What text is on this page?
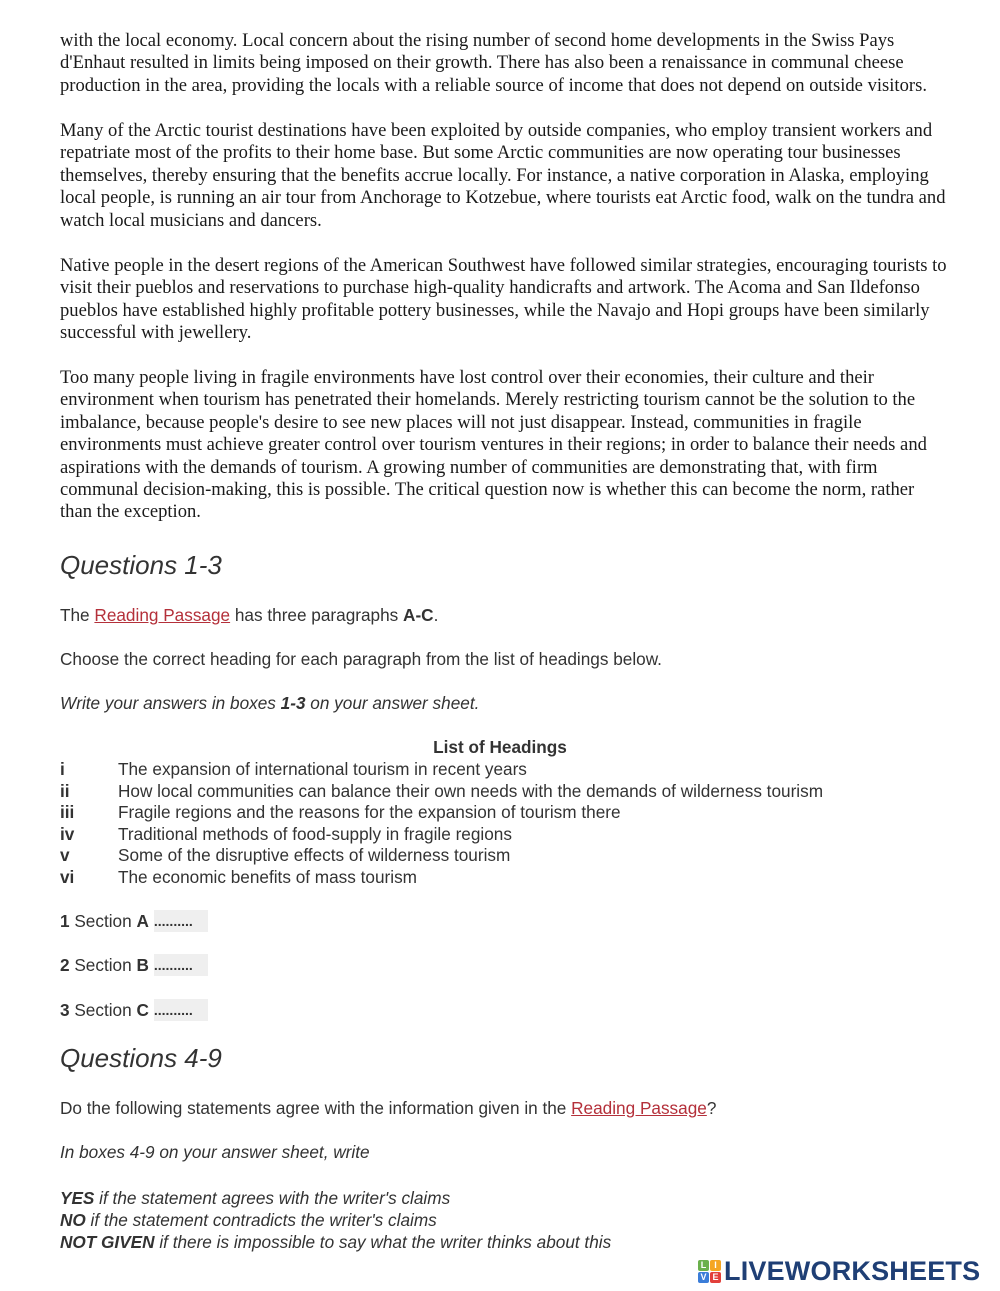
with the local economy. Local concern about the rising number of second home developments in the Swiss Pays d'Enhaut resulted in limits being imposed on their growth. There has also been a renaissance in communal cheese production in the area, providing the locals with a reliable source of income that does not depend on outside visitors.

Many of the Arctic tourist destinations have been exploited by outside companies, who employ transient workers and repatriate most of the profits to their home base. But some Arctic communities are now operating tour businesses themselves, thereby ensuring that the benefits accrue locally. For instance, a native corporation in Alaska, employing local people, is running an air tour from Anchorage to Kotzebue, where tourists eat Arctic food, walk on the tundra and watch local musicians and dancers.

Native people in the desert regions of the American Southwest have followed similar strategies, encouraging tourists to visit their pueblos and reservations to purchase high-quality handicrafts and artwork. The Acoma and San Ildefonso pueblos have established highly profitable pottery businesses, while the Navajo and Hopi groups have been similarly successful with jewellery.

Too many people living in fragile environments have lost control over their economies, their culture and their environment when tourism has penetrated their homelands. Merely restricting tourism cannot be the solution to the imbalance, because people's desire to see new places will not just disappear. Instead, communities in fragile environments must achieve greater control over tourism ventures in their regions; in order to balance their needs and aspirations with the demands of tourism. A growing number of communities are demonstrating that, with firm communal decision-making, this is possible. The critical question now is whether this can become the norm, rather than the exception.

Questions 1-3

The Reading Passage has three paragraphs A-C.

Choose the correct heading for each paragraph from the list of headings below.

Write your answers in boxes 1-3 on your answer sheet.

List of Headings

i	The expansion of international tourism in recent years
ii	How local communities can balance their own needs with the demands of wilderness tourism
iii	Fragile regions and the reasons for the expansion of tourism there
iv	Traditional methods of food-supply in fragile regions
v	Some of the disruptive effects of wilderness tourism
vi	The economic benefits of mass tourism
1
Section
A ..........
2
Section
B ..........
3
Section
C ..........
Questions 4-9

Do the following statements agree with the information given in the Reading Passage?

In boxes 4-9 on your answer sheet, write

YES if the statement agrees with the writer's claims
NO if the statement contradicts the writer's claims
NOT GIVEN if there is impossible to say what the writer thinks about this
L I
V E LIVEWORKSHEETS
